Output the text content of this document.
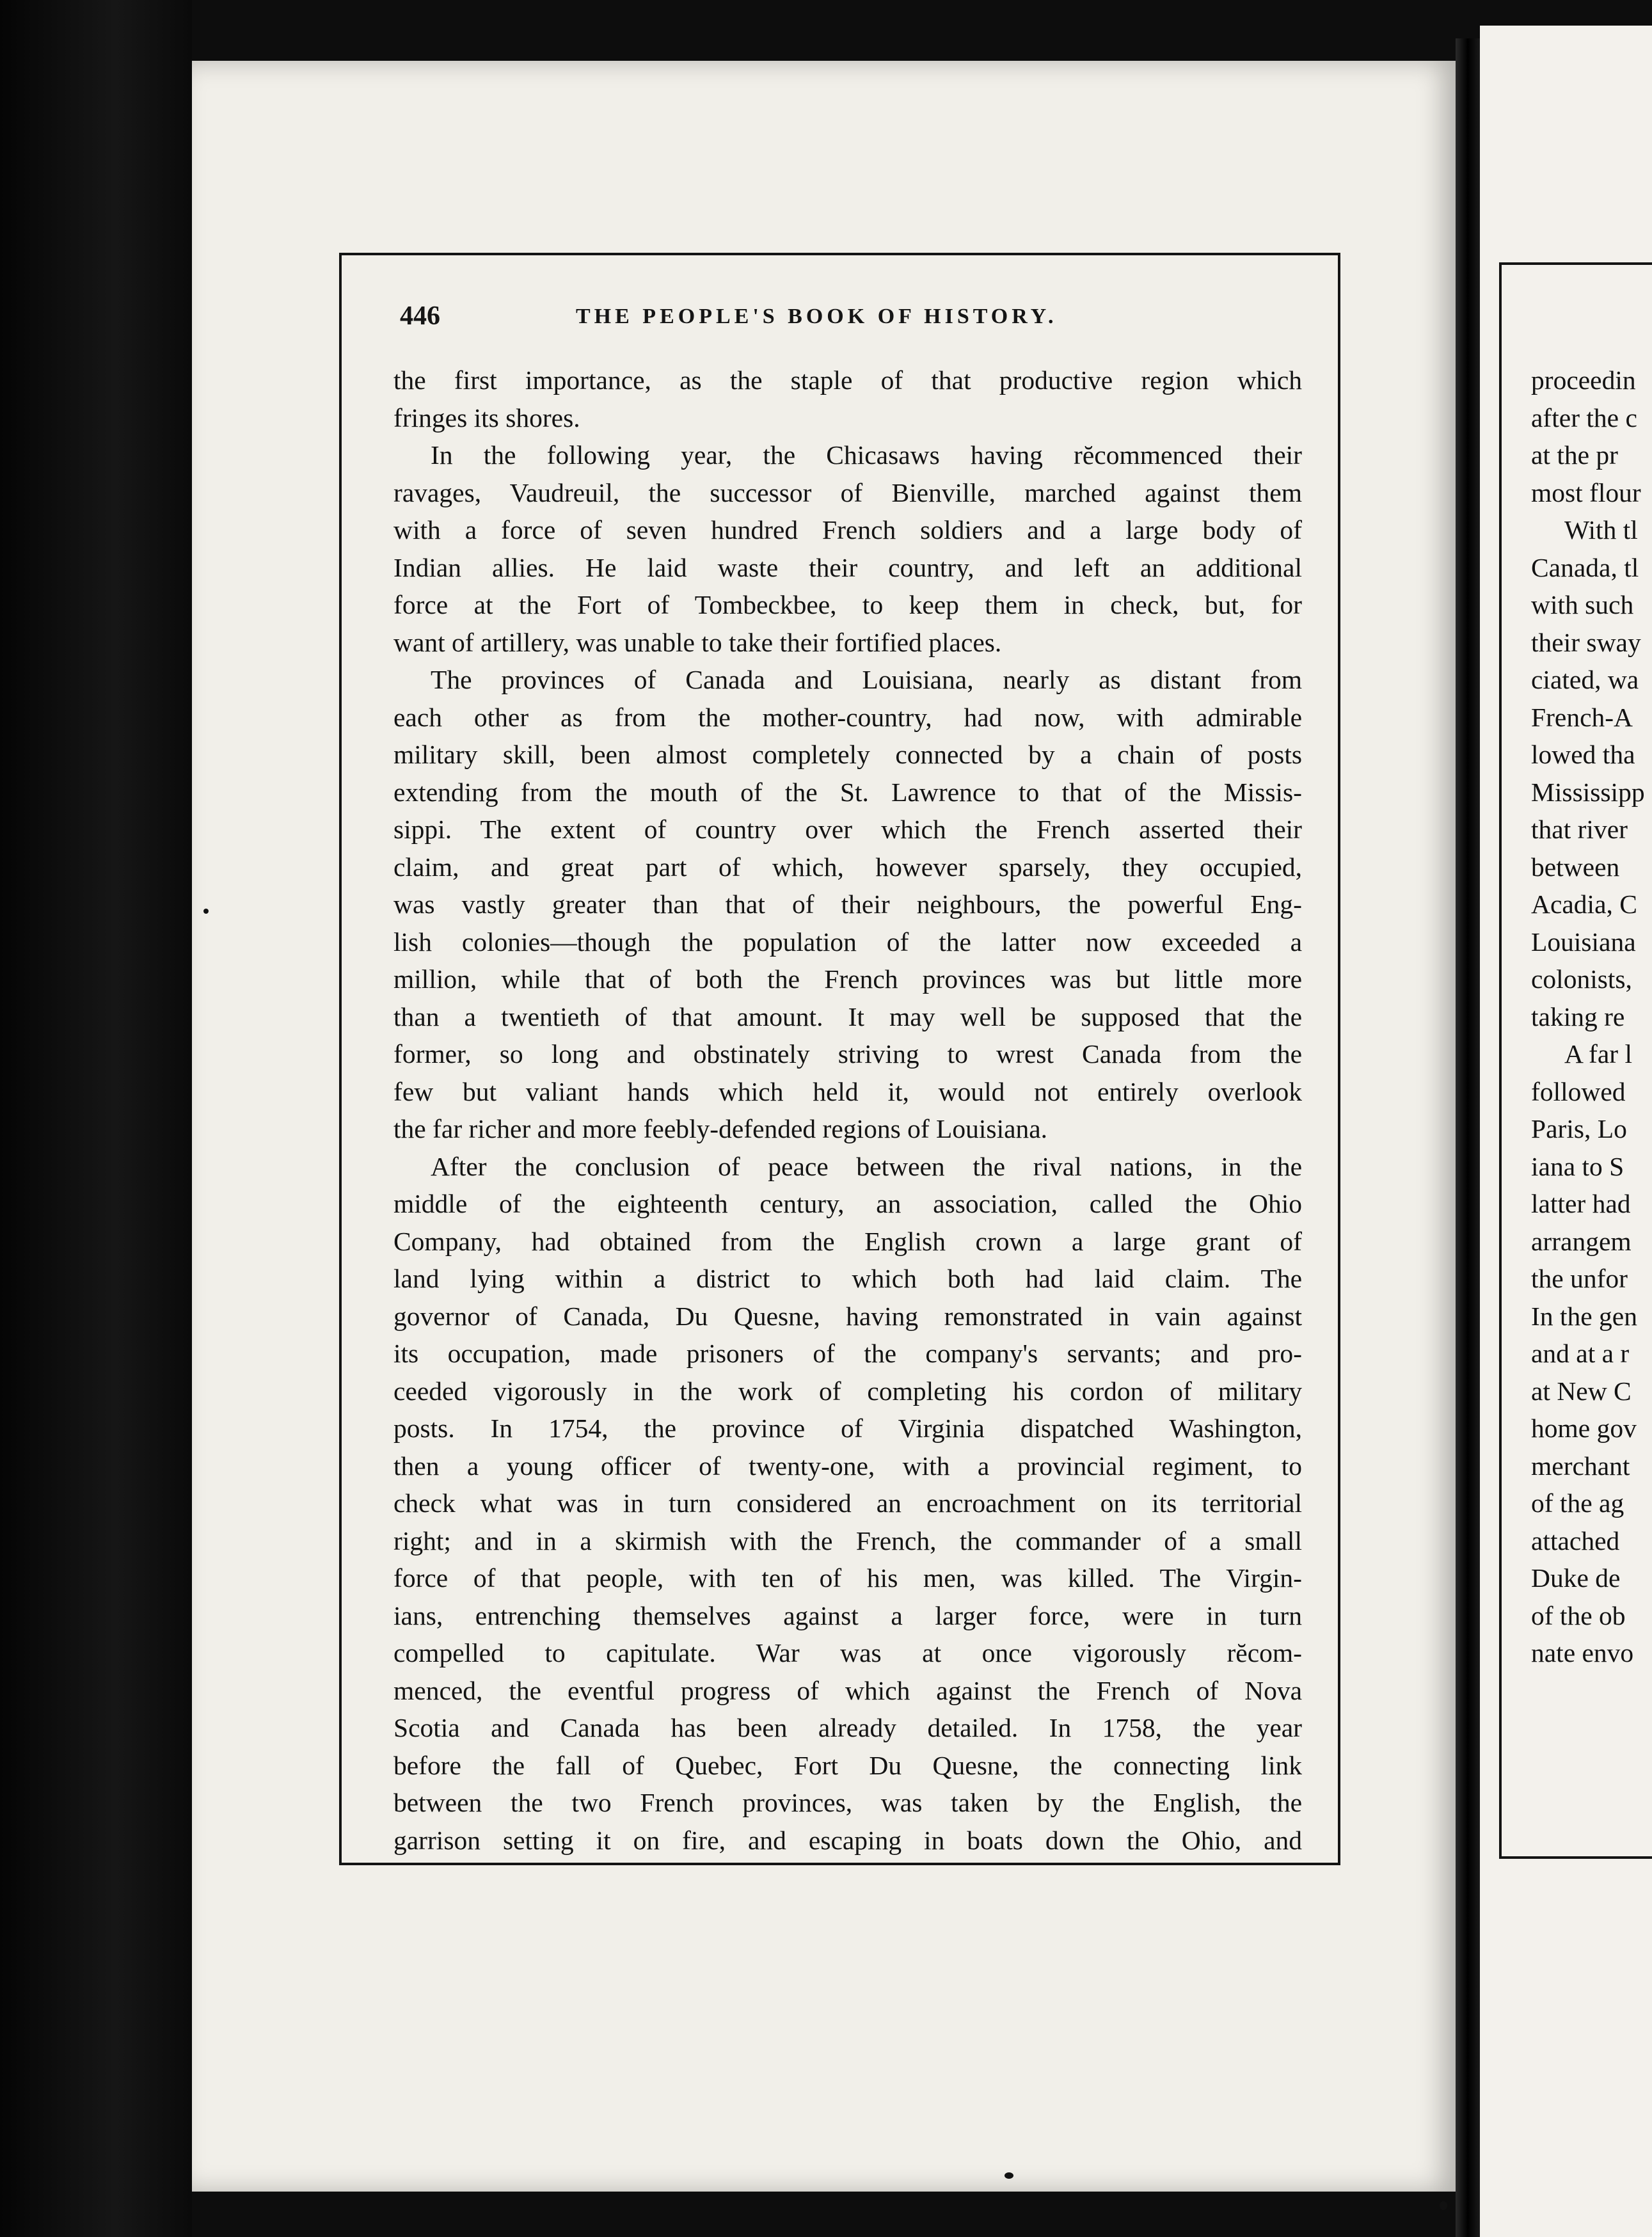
446	THE PEOPLE'S BOOK OF HISTORY.
the first importance, as the staple of that productive region which
fringes its shores.
In the following year, the Chicasaws having rĕcommenced their
ravages, Vaudreuil, the successor of Bienville, marched against them
with a force of seven hundred French soldiers and a large body of
Indian allies. He laid waste their country, and left an additional
force at the Fort of Tombeckbee, to keep them in check, but, for
want of artillery, was unable to take their fortified places.
The provinces of Canada and Louisiana, nearly as distant from
each other as from the mother-country, had now, with admirable
military skill, been almost completely connected by a chain of posts
extending from the mouth of the St. Lawrence to that of the Missis-
sippi. The extent of country over which the French asserted their
claim, and great part of which, however sparsely, they occupied,
was vastly greater than that of their neighbours, the powerful Eng-
lish colonies—though the population of the latter now exceeded a
million, while that of both the French provinces was but little more
than a twentieth of that amount. It may well be supposed that the
former, so long and obstinately striving to wrest Canada from the
few but valiant hands which held it, would not entirely overlook
the far richer and more feebly-defended regions of Louisiana.
After the conclusion of peace between the rival nations, in the
middle of the eighteenth century, an association, called the Ohio
Company, had obtained from the English crown a large grant of
land lying within a district to which both had laid claim. The
governor of Canada, Du Quesne, having remonstrated in vain against
its occupation, made prisoners of the company's servants; and pro-
ceeded vigorously in the work of completing his cordon of military
posts. In 1754, the province of Virginia dispatched Washington,
then a young officer of twenty-one, with a provincial regiment, to
check what was in turn considered an encroachment on its territorial
right; and in a skirmish with the French, the commander of a small
force of that people, with ten of his men, was killed. The Virgin-
ians, entrenching themselves against a larger force, were in turn
compelled to capitulate. War was at once vigorously rĕcom-
menced, the eventful progress of which against the French of Nova
Scotia and Canada has been already detailed. In 1758, the year
before the fall of Quebec, Fort Du Quesne, the connecting link
between the two French provinces, was taken by the English, the
garrison setting it on fire, and escaping in boats down the Ohio, and
proceedin
after the c
at the pr
most flour
With tl
Canada, tl
with such
their sway
ciated, wa
French-A
lowed tha
Mississipp
that river
between
Acadia, C
Louisiana
colonists,
taking re
A far l
followed
Paris, Lo
iana to S
latter had
arrangem
the unfor
In the gen
and at a r
at New C
home gov
merchant
of the ag
attached
Duke de
of the ob
nate envo
